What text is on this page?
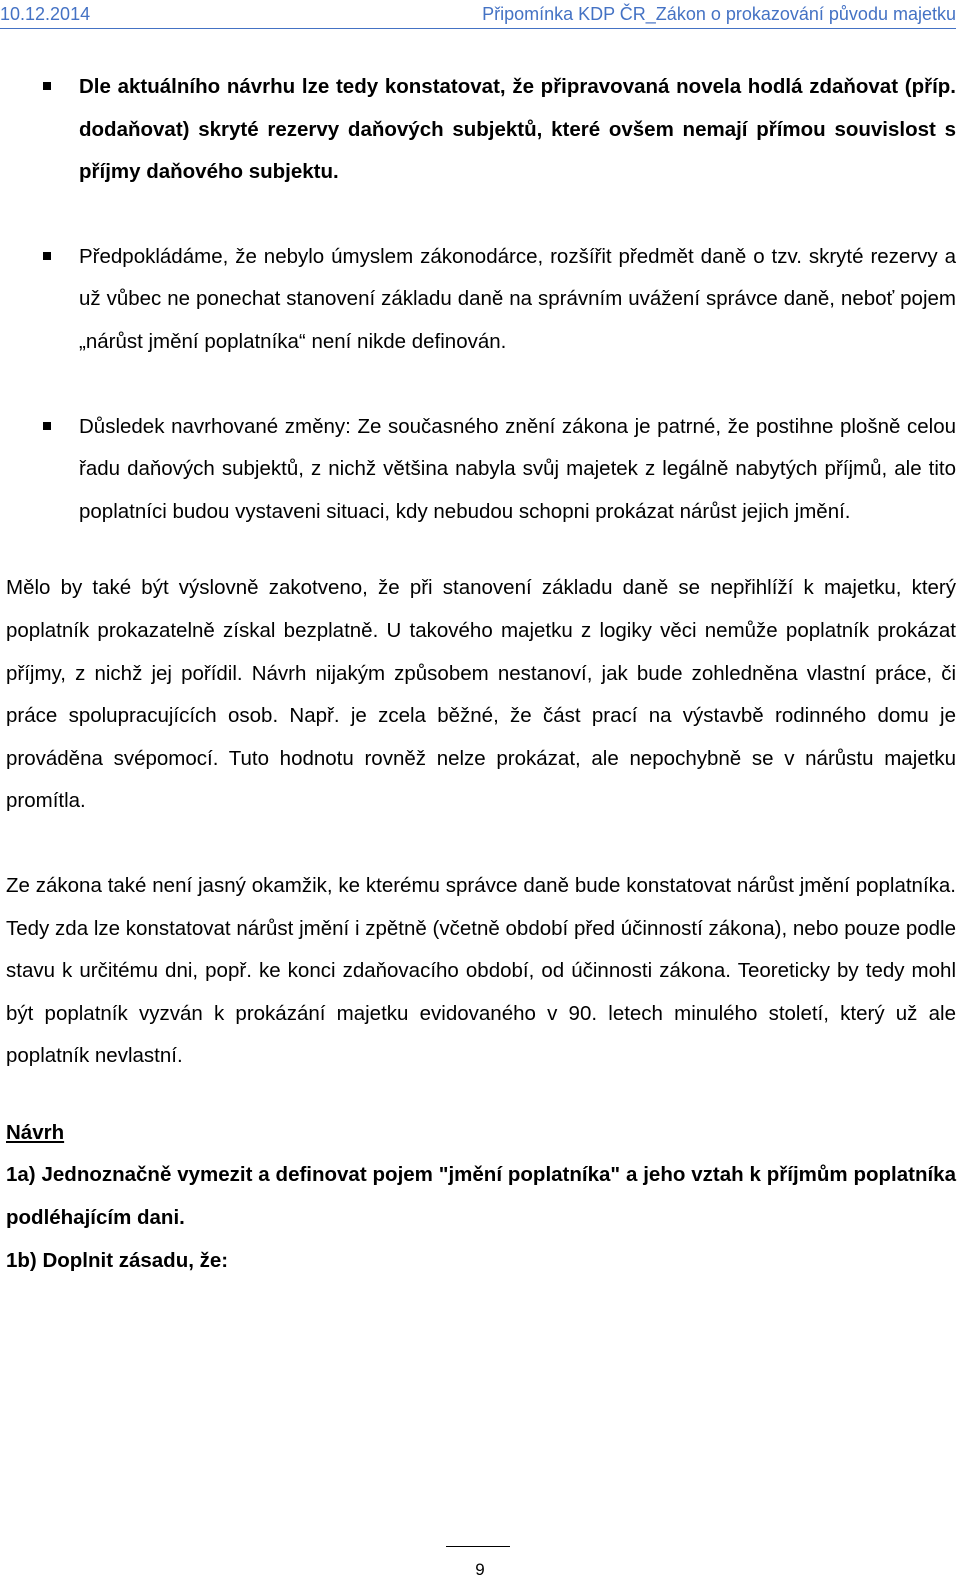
10.12.2014	Připomínka KDP ČR_Zákon o prokazování původu majetku
Dle aktuálního návrhu lze tedy konstatovat, že připravovaná novela hodlá zdaňovat (příp. dodaňovat) skryté rezervy daňových subjektů, které ovšem nemají přímou souvislost s příjmy daňového subjektu.
Předpokládáme, že nebylo úmyslem zákonodárce, rozšířit předmět daně o tzv. skryté rezervy a už vůbec ne ponechat stanovení základu daně na správním uvážení správce daně, neboť pojem „nárůst jmění poplatníka“ není nikde definován.
Důsledek navrhované změny: Ze současného znění zákona je patrné, že postihne plošně celou řadu daňových subjektů, z nichž většina nabyla svůj majetek z legálně nabytých příjmů, ale tito poplatníci budou vystaveni situaci, kdy nebudou schopni prokázat nárůst jejich jmění.

Mělo by také být výslovně zakotveno, že při stanovení základu daně se nepřihlíží k majetku, který poplatník prokazatelně získal bezplatně. U takového majetku z logiky věci nemůže poplatník prokázat příjmy, z nichž jej pořídil. Návrh nijakým způsobem nestanoví, jak bude zohledněna vlastní práce, či práce spolupracujících osob. Např. je zcela běžné, že část prací na výstavbě rodinného domu je prováděna svépomocí. Tuto hodnotu rovněž nelze prokázat, ale nepochybně se v nárůstu majetku promítla.

Ze zákona také není jasný okamžik, ke kterému správce daně bude konstatovat nárůst jmění poplatníka. Tedy zda lze konstatovat nárůst jmění i zpětně (včetně období před účinností zákona), nebo pouze podle stavu k určitému dni, popř. ke konci zdaňovacího období, od účinnosti zákona. Teoreticky by tedy mohl být poplatník vyzván k prokázání majetku evidovaného v 90. letech minulého století, který už ale poplatník nevlastní.

Návrh

1a) Jednoznačně vymezit a definovat pojem "jmění poplatníka" a jeho vztah k příjmům poplatníka podléhajícím dani.

1b) Doplnit zásadu, že:

9
